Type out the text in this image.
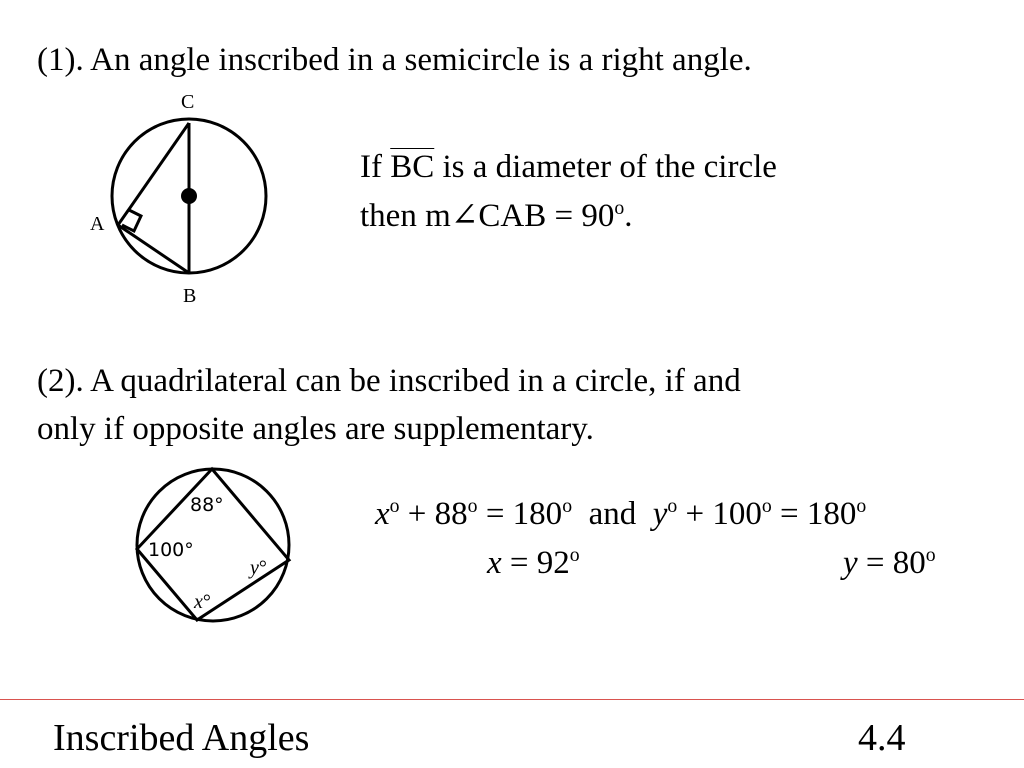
(1). An angle inscribed in a semicircle is a right angle.
C
A
B
If $\overline{BC}$ is a diameter of the circle
then m∠CAB = $90^o$.
(2). A quadrilateral can be inscribed in a circle, if and
only if opposite angles are supplementary.
88°
100°
y°
x°
$x^o + 88^o = 180^o$ and $y^o + 100^o = 180^o$
$x = 92^o$	$y = 80^o$
Inscribed Angles	4.4
